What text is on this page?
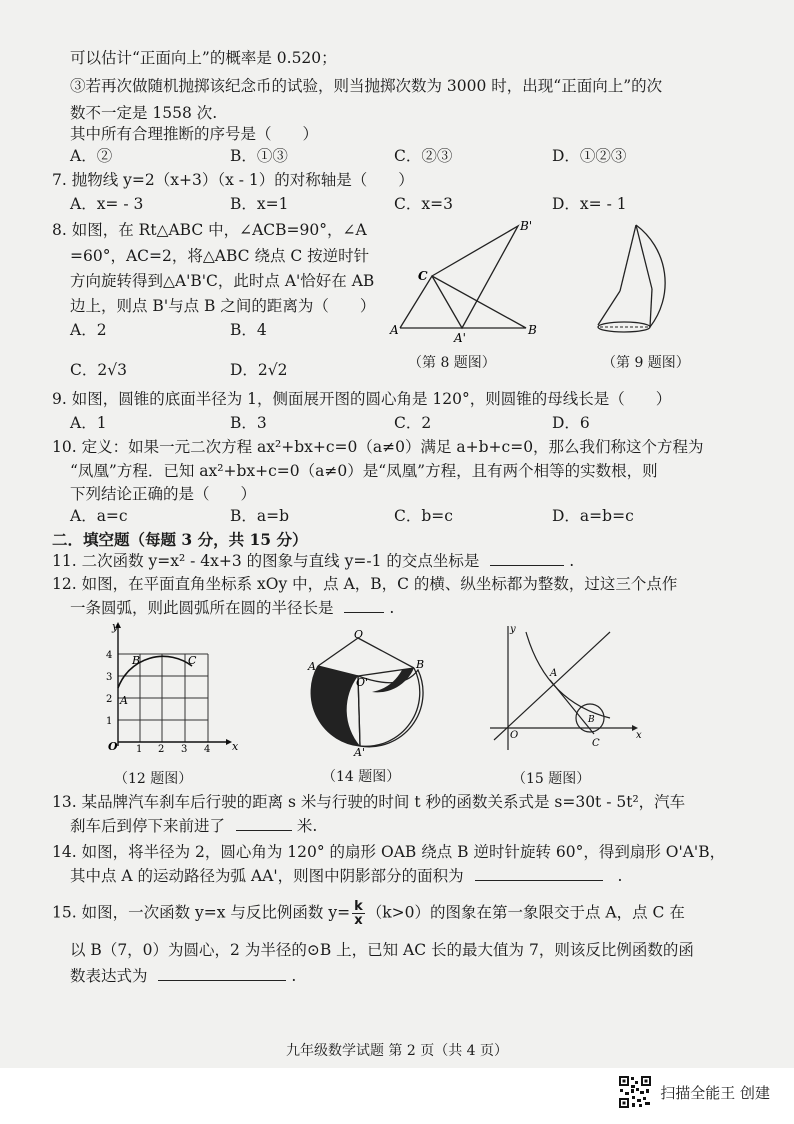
可以估计“正面向上”的概率是 0.520；
③若再次做随机抛掷该纪念币的试验，则当抛掷次数为 3000 时，出现“正面向上”的次
数不一定是 1558 次.
其中所有合理推断的序号是（　　）
A．②	B．①③	C．②③	D．①②③
7. 抛物线 y=2（x+3）（x - 1）的对称轴是（　　）
A．x= - 3	B．x=1	C．x=3	D．x= - 1
8. 如图，在 Rt△ABC 中，∠ACB=90°，∠A
=60°，AC=2，将△ABC 绕点 C 按逆时针
方向旋转得到△A'B'C，此时点 A'恰好在 AB
边上，则点 B'与点 B 之间的距离为（　　）
A．2	B．4
C．2√3	D．2√2
A	B
C
A'
B'
（第 8 题图）	（第 9 题图）
9. 如图，圆锥的底面半径为 1，侧面展开图的圆心角是 120°，则圆锥的母线长是（　　）
A．1	B．3	C．2	D．6
10. 定义：如果一元二次方程 ax²+bx+c=0（a≠0）满足 a+b+c=0，那么我们称这个方程为
“凤凰”方程．已知 ax²+bx+c=0（a≠0）是“凤凰”方程，且有两个相等的实数根，则
下列结论正确的是（　　）
A．a=c	B．a=b	C．b=c	D．a=b=c
二．填空题（每题 3 分，共 15 分）
11. 二次函数 y=x² - 4x+3 的图象与直线 y=-1 的交点坐标是	.
12. 如图，在平面直角坐标系 xOy 中，点 A，B，C 的横、纵坐标都为整数，过这三个点作
一条圆弧，则此圆弧所在圆的半径长是	.
y
x
O 1 2 3 4
1
2
3
4
A
B	C
（12 题图）
O
A	B
O'
A'
（14 题图）
y
x
O
A
B
C
（15 题图）
13. 某品牌汽车刹车后行驶的距离 s 米与行驶的时间 t 秒的函数关系式是 s=30t - 5t²，汽车
刹车后到停下来前进了	米.
14. 如图，将半径为 2，圆心角为 120° 的扇形 OAB 绕点 B 逆时针旋转 60°，得到扇形 O'A'B，
其中点 A 的运动路径为弧 AA'，则图中阴影部分的面积为	.
15. 如图，一次函数 y=x 与反比例函数 $y= \frac{k}{x} (k>0)$的图象在第一象限交于点 A，点 C 在
以 B（7，0）为圆心，2 为半径的⊙B 上，已知 AC 长的最大值为 7，则该反比例函数的函
数表达式为	.
九年级数学试题 第 2 页（共 4 页）
扫描全能王 创建
